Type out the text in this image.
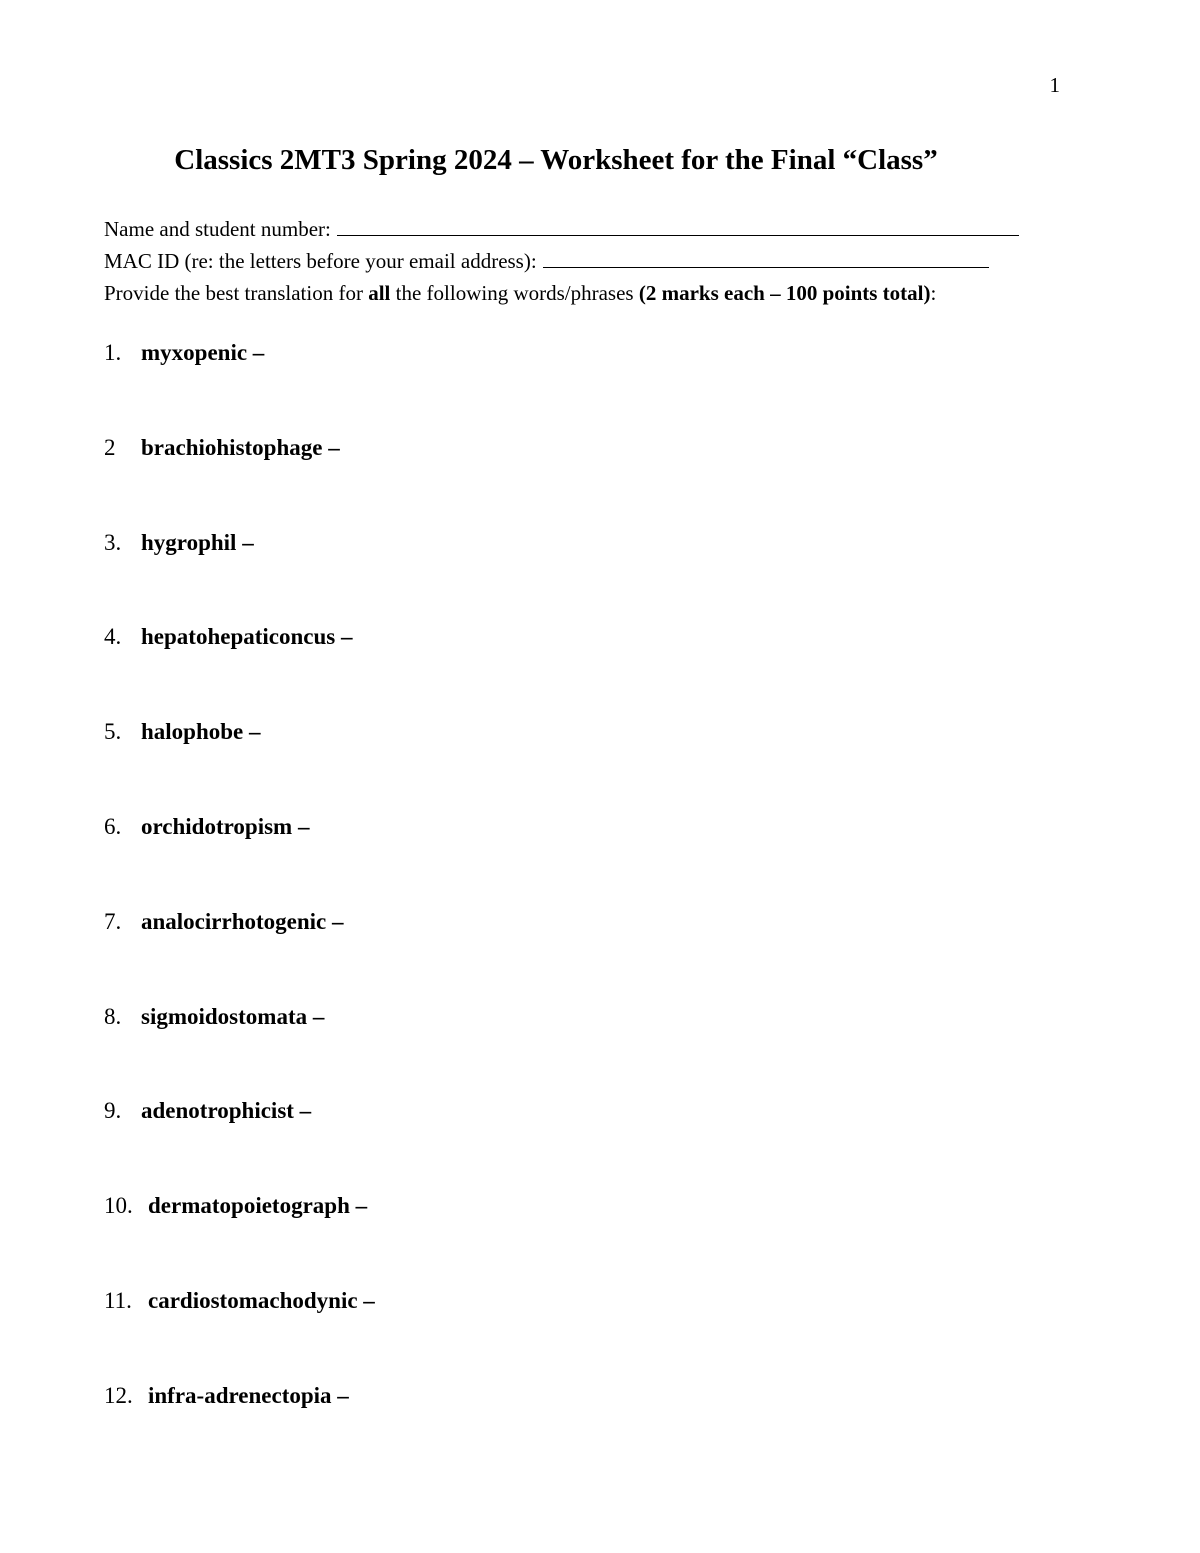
1
Classics 2MT3 Spring 2024 – Worksheet for the Final “Class”
Name and student number:
MAC ID (re: the letters before your email address):
Provide the best translation for all the following words/phrases (2 marks each – 100 points total):
1. myxopenic –
2 brachiohistophage –
3. hygrophil –
4. hepatohepaticoncus –
5. halophobe –
6. orchidotropism –
7. analocirrhotogenic –
8. sigmoidostomata –
9. adenotrophicist –
10. dermatopoietograph –
11. cardiostomachodynic –
12. infra-adrenectopia –
